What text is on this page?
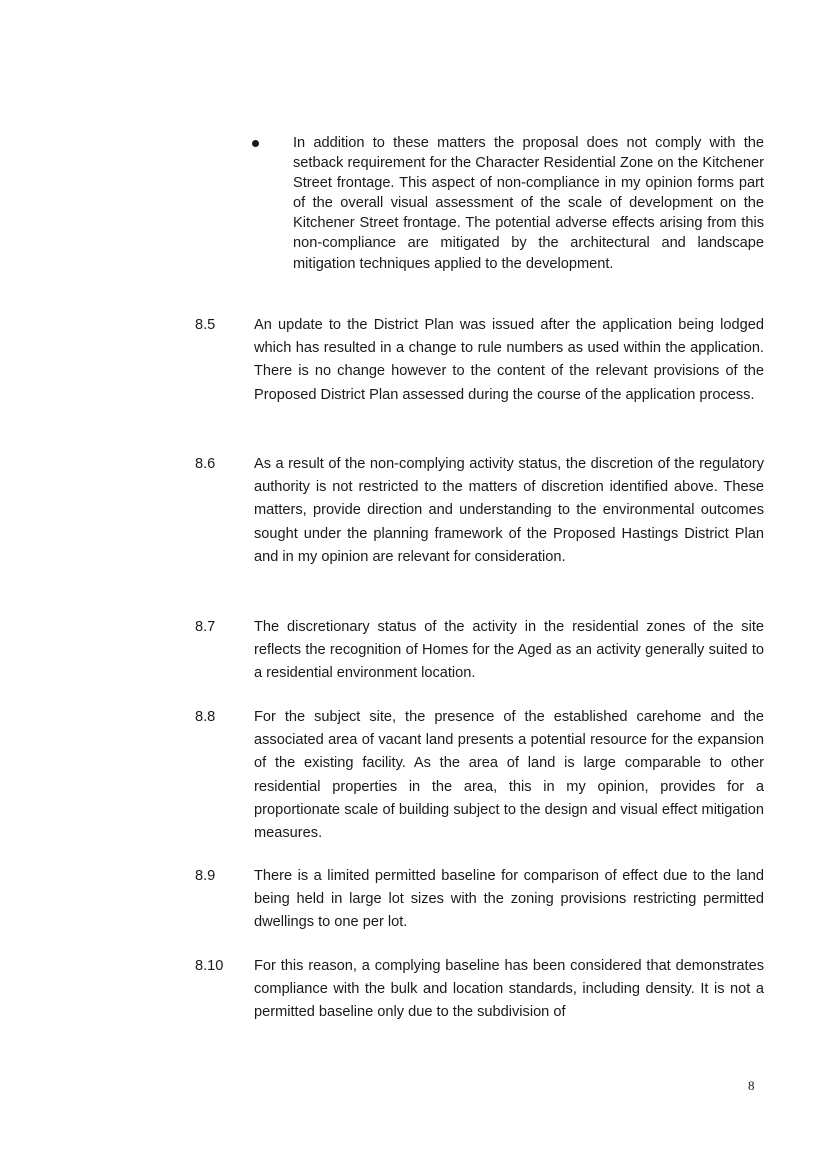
In addition to these matters the proposal does not comply with the setback requirement for the Character Residential Zone on the Kitchener Street frontage. This aspect of non-compliance in my opinion forms part of the overall visual assessment of the scale of development on the Kitchener Street frontage. The potential adverse effects arising from this non-compliance are mitigated by the architectural and landscape mitigation techniques applied to the development.
8.5	An update to the District Plan was issued after the application being lodged which has resulted in a change to rule numbers as used within the application. There is no change however to the content of the relevant provisions of the Proposed District Plan assessed during the course of the application process.
8.6	As a result of the non-complying activity status, the discretion of the regulatory authority is not restricted to the matters of discretion identified above. These matters, provide direction and understanding to the environmental outcomes sought under the planning framework of the Proposed Hastings District Plan and in my opinion are relevant for consideration.
8.7	The discretionary status of the activity in the residential zones of the site reflects the recognition of Homes for the Aged as an activity generally suited to a residential environment location.
8.8	For the subject site, the presence of the established carehome and the associated area of vacant land presents a potential resource for the expansion of the existing facility. As the area of land is large comparable to other residential properties in the area, this in my opinion, provides for a proportionate scale of building subject to the design and visual effect mitigation measures.
8.9	There is a limited permitted baseline for comparison of effect due to the land being held in large lot sizes with the zoning provisions restricting permitted dwellings to one per lot.
8.10	For this reason, a complying baseline has been considered that demonstrates compliance with the bulk and location standards, including density. It is not a permitted baseline only due to the subdivision of
8
